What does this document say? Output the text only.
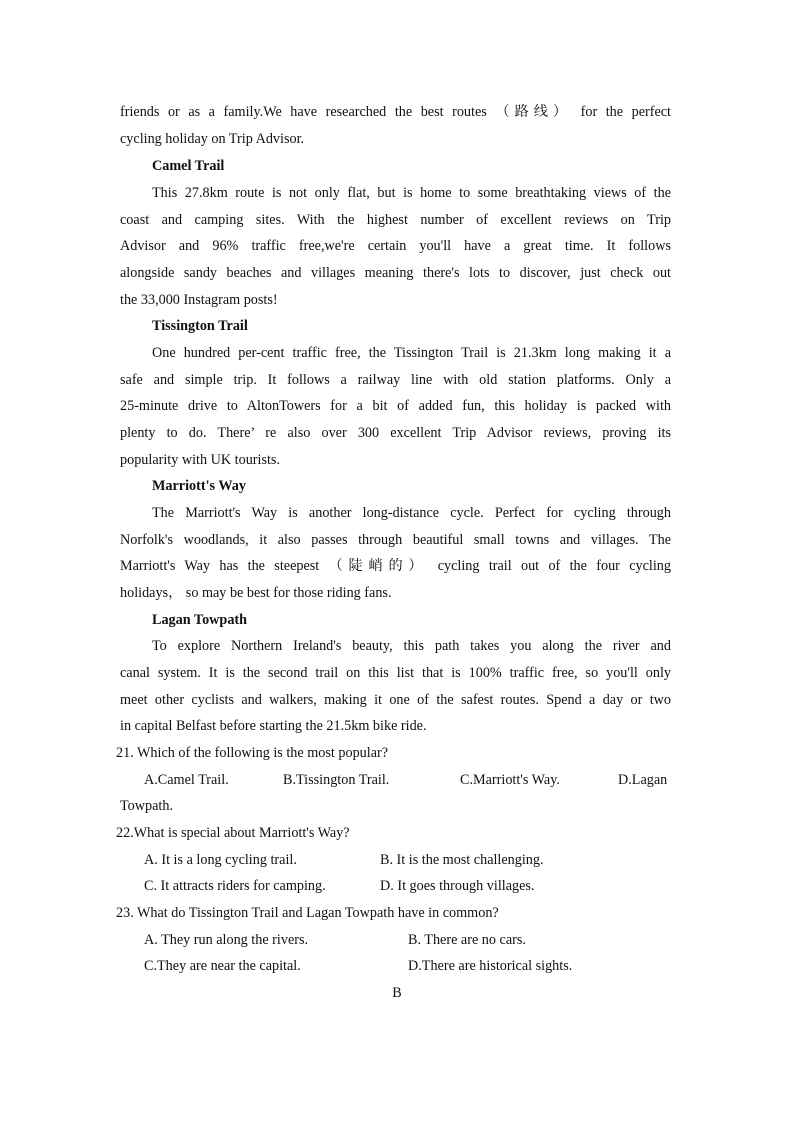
friends or as a family.We have researched the best routes （路线） for the perfect
cycling holiday on Trip Advisor.
Camel Trail
This 27.8km route is not only flat, but is home to some breathtaking views of the
coast and camping sites. With the highest number of excellent reviews on Trip
Advisor and 96% traffic free,we're certain you'll have a great time. It follows
alongside sandy beaches and villages meaning there's lots to discover, just check out
the 33,000 Instagram posts!
Tissington Trail
One hundred per-cent traffic free, the Tissington Trail is 21.3km long making it a
safe and simple trip. It follows a railway line with old station platforms. Only a
25-minute drive to AltonTowers for a bit of added fun, this holiday is packed with
plenty to do. There’ re also over 300 excellent Trip Advisor reviews, proving its
popularity with UK tourists.
Marriott's Way
The Marriott's Way is another long-distance cycle. Perfect for cycling through
Norfolk's woodlands, it also passes through beautiful small towns and villages. The
Marriott's Way has the steepest （陡峭的） cycling trail out of the four cycling
holidays， so may be best for those riding fans.
Lagan Towpath
To explore Northern Ireland's beauty, this path takes you along the river and
canal system. It is the second trail on this list that is 100% traffic free, so you'll only
meet other cyclists and walkers, making it one of the safest routes. Spend a day or two
in capital Belfast before starting the 21.5km bike ride.
21. Which of the following is the most popular?
A.Camel Trail.	B.Tissington Trail.	C.Marriott's Way.	D.Lagan
Towpath.
22.What is special about Marriott's Way?
A. It is a long cycling trail.	B. It is the most challenging.
C. It attracts riders for camping.	D. It goes through villages.
23. What do Tissington Trail and Lagan Towpath have in common?
A. They run along the rivers.	B. There are no cars.
C.They are near the capital.	D.There are historical sights.
B
